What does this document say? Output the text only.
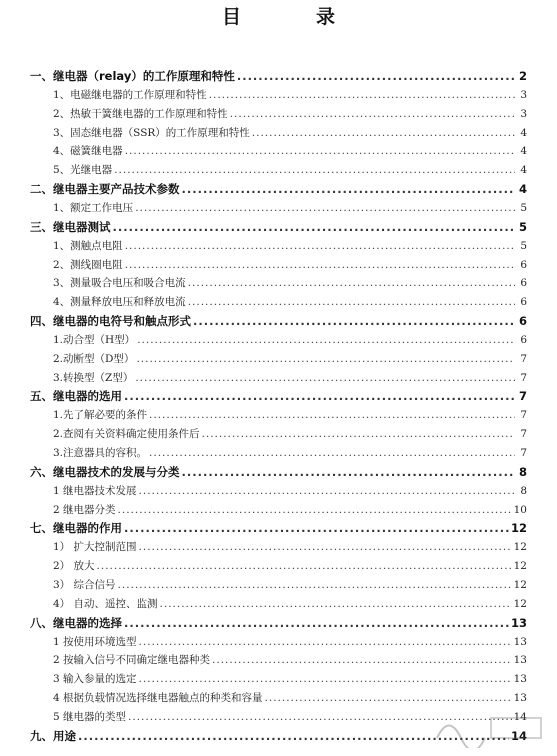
目　录
一、继电器（relay）的工作原理和特性 .....	2
1、电磁继电器的工作原理和特性 .....	3
2、热敏干簧继电器的工作原理和特性 .....	3
3、固态继电器（SSR）的工作原理和特性 .....	4
4、磁簧继电器 .....	4
5、光继电器 .....	4
二、继电器主要产品技术参数 .....	4
1、额定工作电压 .....	5
三、继电器测试 .....	5
1、测触点电阻 .....	5
2、测线圈电阻 .....	6
3、测量吸合电压和吸合电流 .....	6
4、测量释放电压和释放电流 .....	6
四、继电器的电符号和触点形式 .....	6
1.动合型（H型） .....	6
2.动断型（D型） .....	7
3.转换型（Z型） .....	7
五、继电器的选用 .....	7
1.先了解必要的条件 .....	7
2.查阅有关资料确定使用条件后 .....	7
3.注意器具的容积。 .....	7
六、继电器技术的发展与分类 .....	8
1 继电器技术发展 .....	8
2 继电器分类 .....	10
七、继电器的作用 .....	12
1） 扩大控制范围 .....	12
2） 放大 .....	12
3） 综合信号 .....	12
4） 自动、遥控、监测 .....	12
八、继电器的选择 .....	13
1 按使用环境选型 .....	13
2 按输入信号不同确定继电器种类 .....	13
3 输入参量的选定 .....	13
4 根据负载情况选择继电器触点的种类和容量 .....	13
5 继电器的类型 .....	14
九、用途 .....	14
